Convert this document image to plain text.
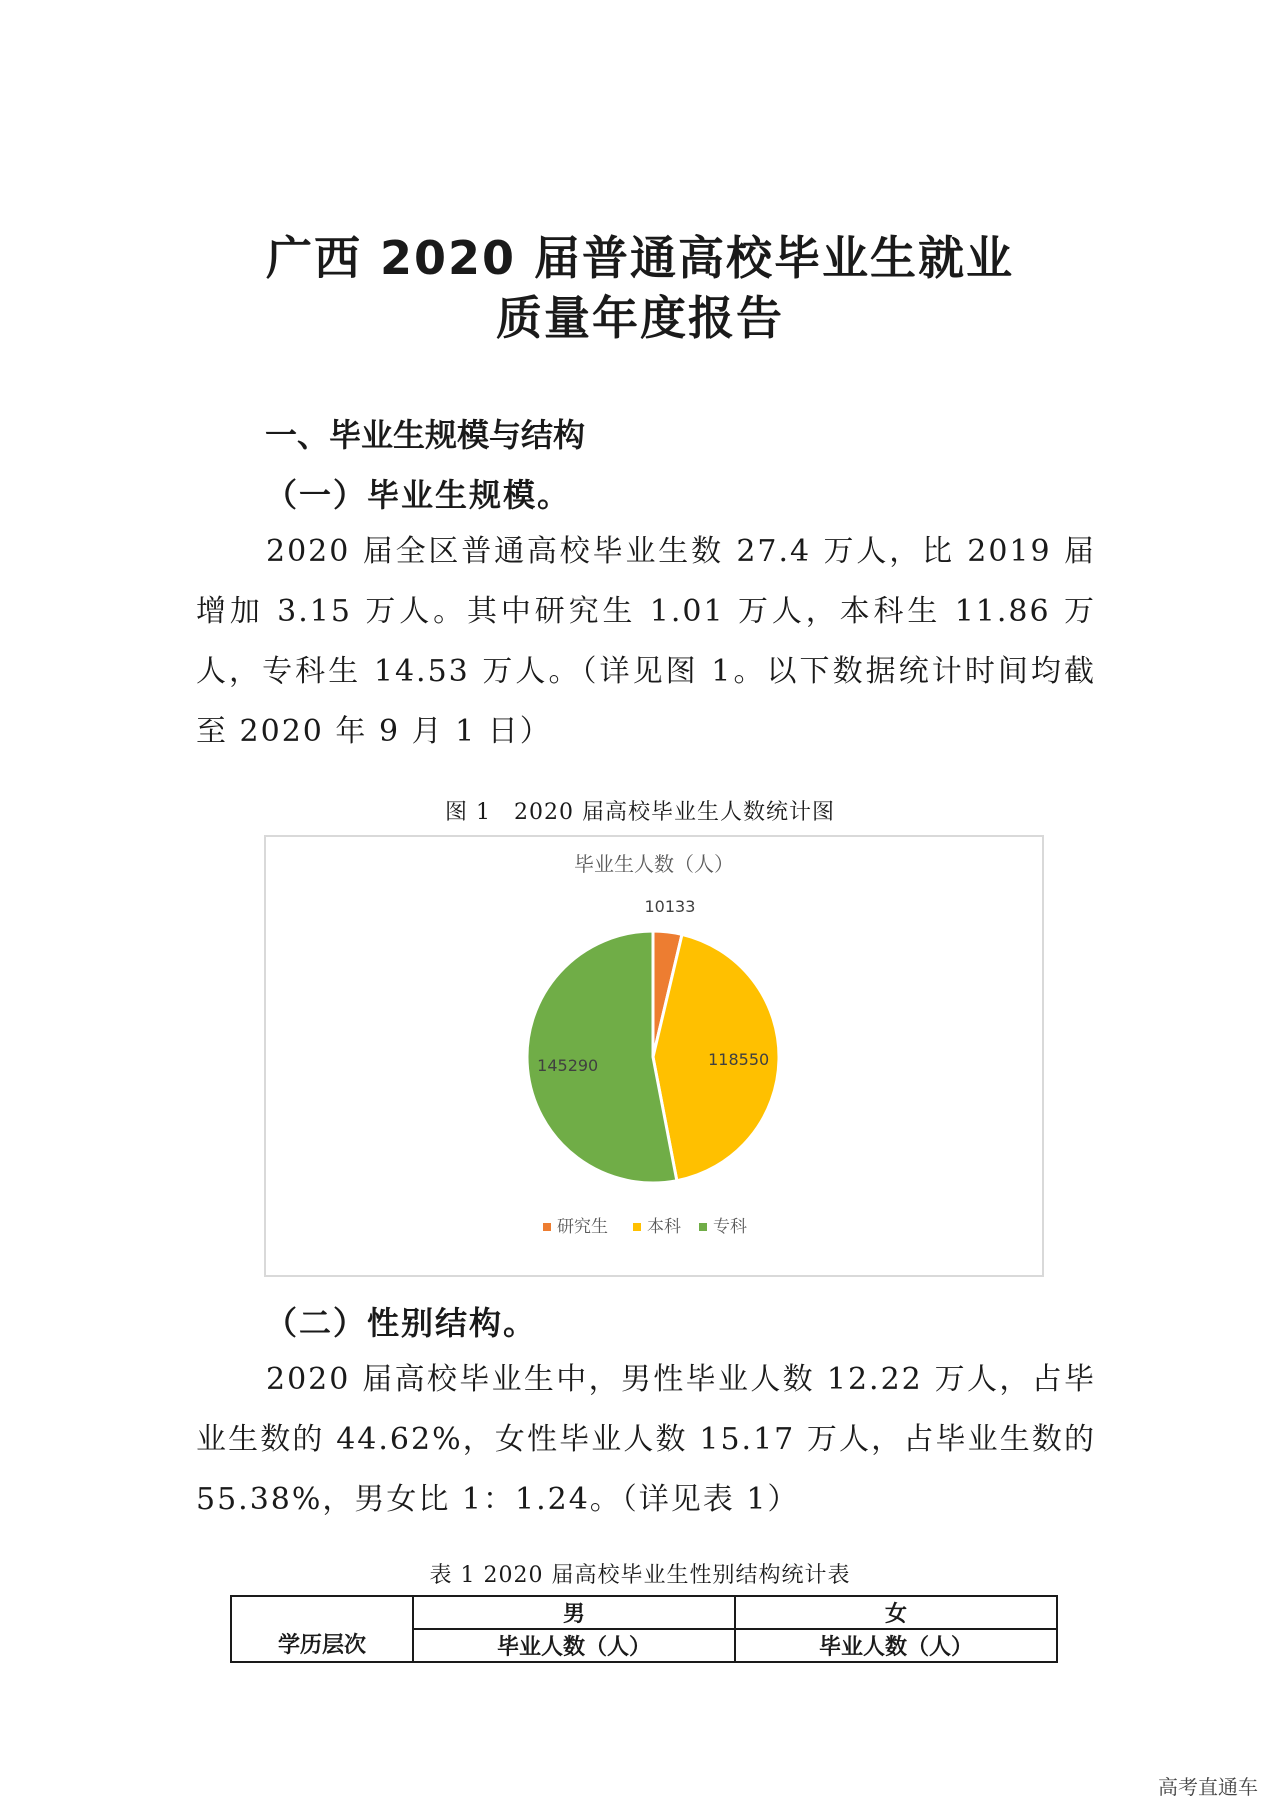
广西 2020 届普通高校毕业生就业
质量年度报告
一、毕业生规模与结构
（一）毕业生规模。

2020 届全区普通高校毕业生数 27.4 万人，比 2019 届增加 3.15 万人。其中研究生 1.01 万人，本科生 11.86 万人，专科生 14.53 万人。（详见图 1。以下数据统计时间均截至 2020 年 9 月 1 日）

图 1　2020 届高校毕业生人数统计图

毕业生人数（人）
10133
118550
145290
研究生 本科 专科
（二）性别结构。

2020 届高校毕业生中，男性毕业人数 12.22 万人，占毕业生数的 44.62%，女性毕业人数 15.17 万人，占毕业生数的 55.38%，男女比 1：1.24。（详见表 1）

表 1 2020 届高校毕业生性别结构统计表

学历层次	男	女
	毕业人数（人）	毕业人数（人）
高考直通车
